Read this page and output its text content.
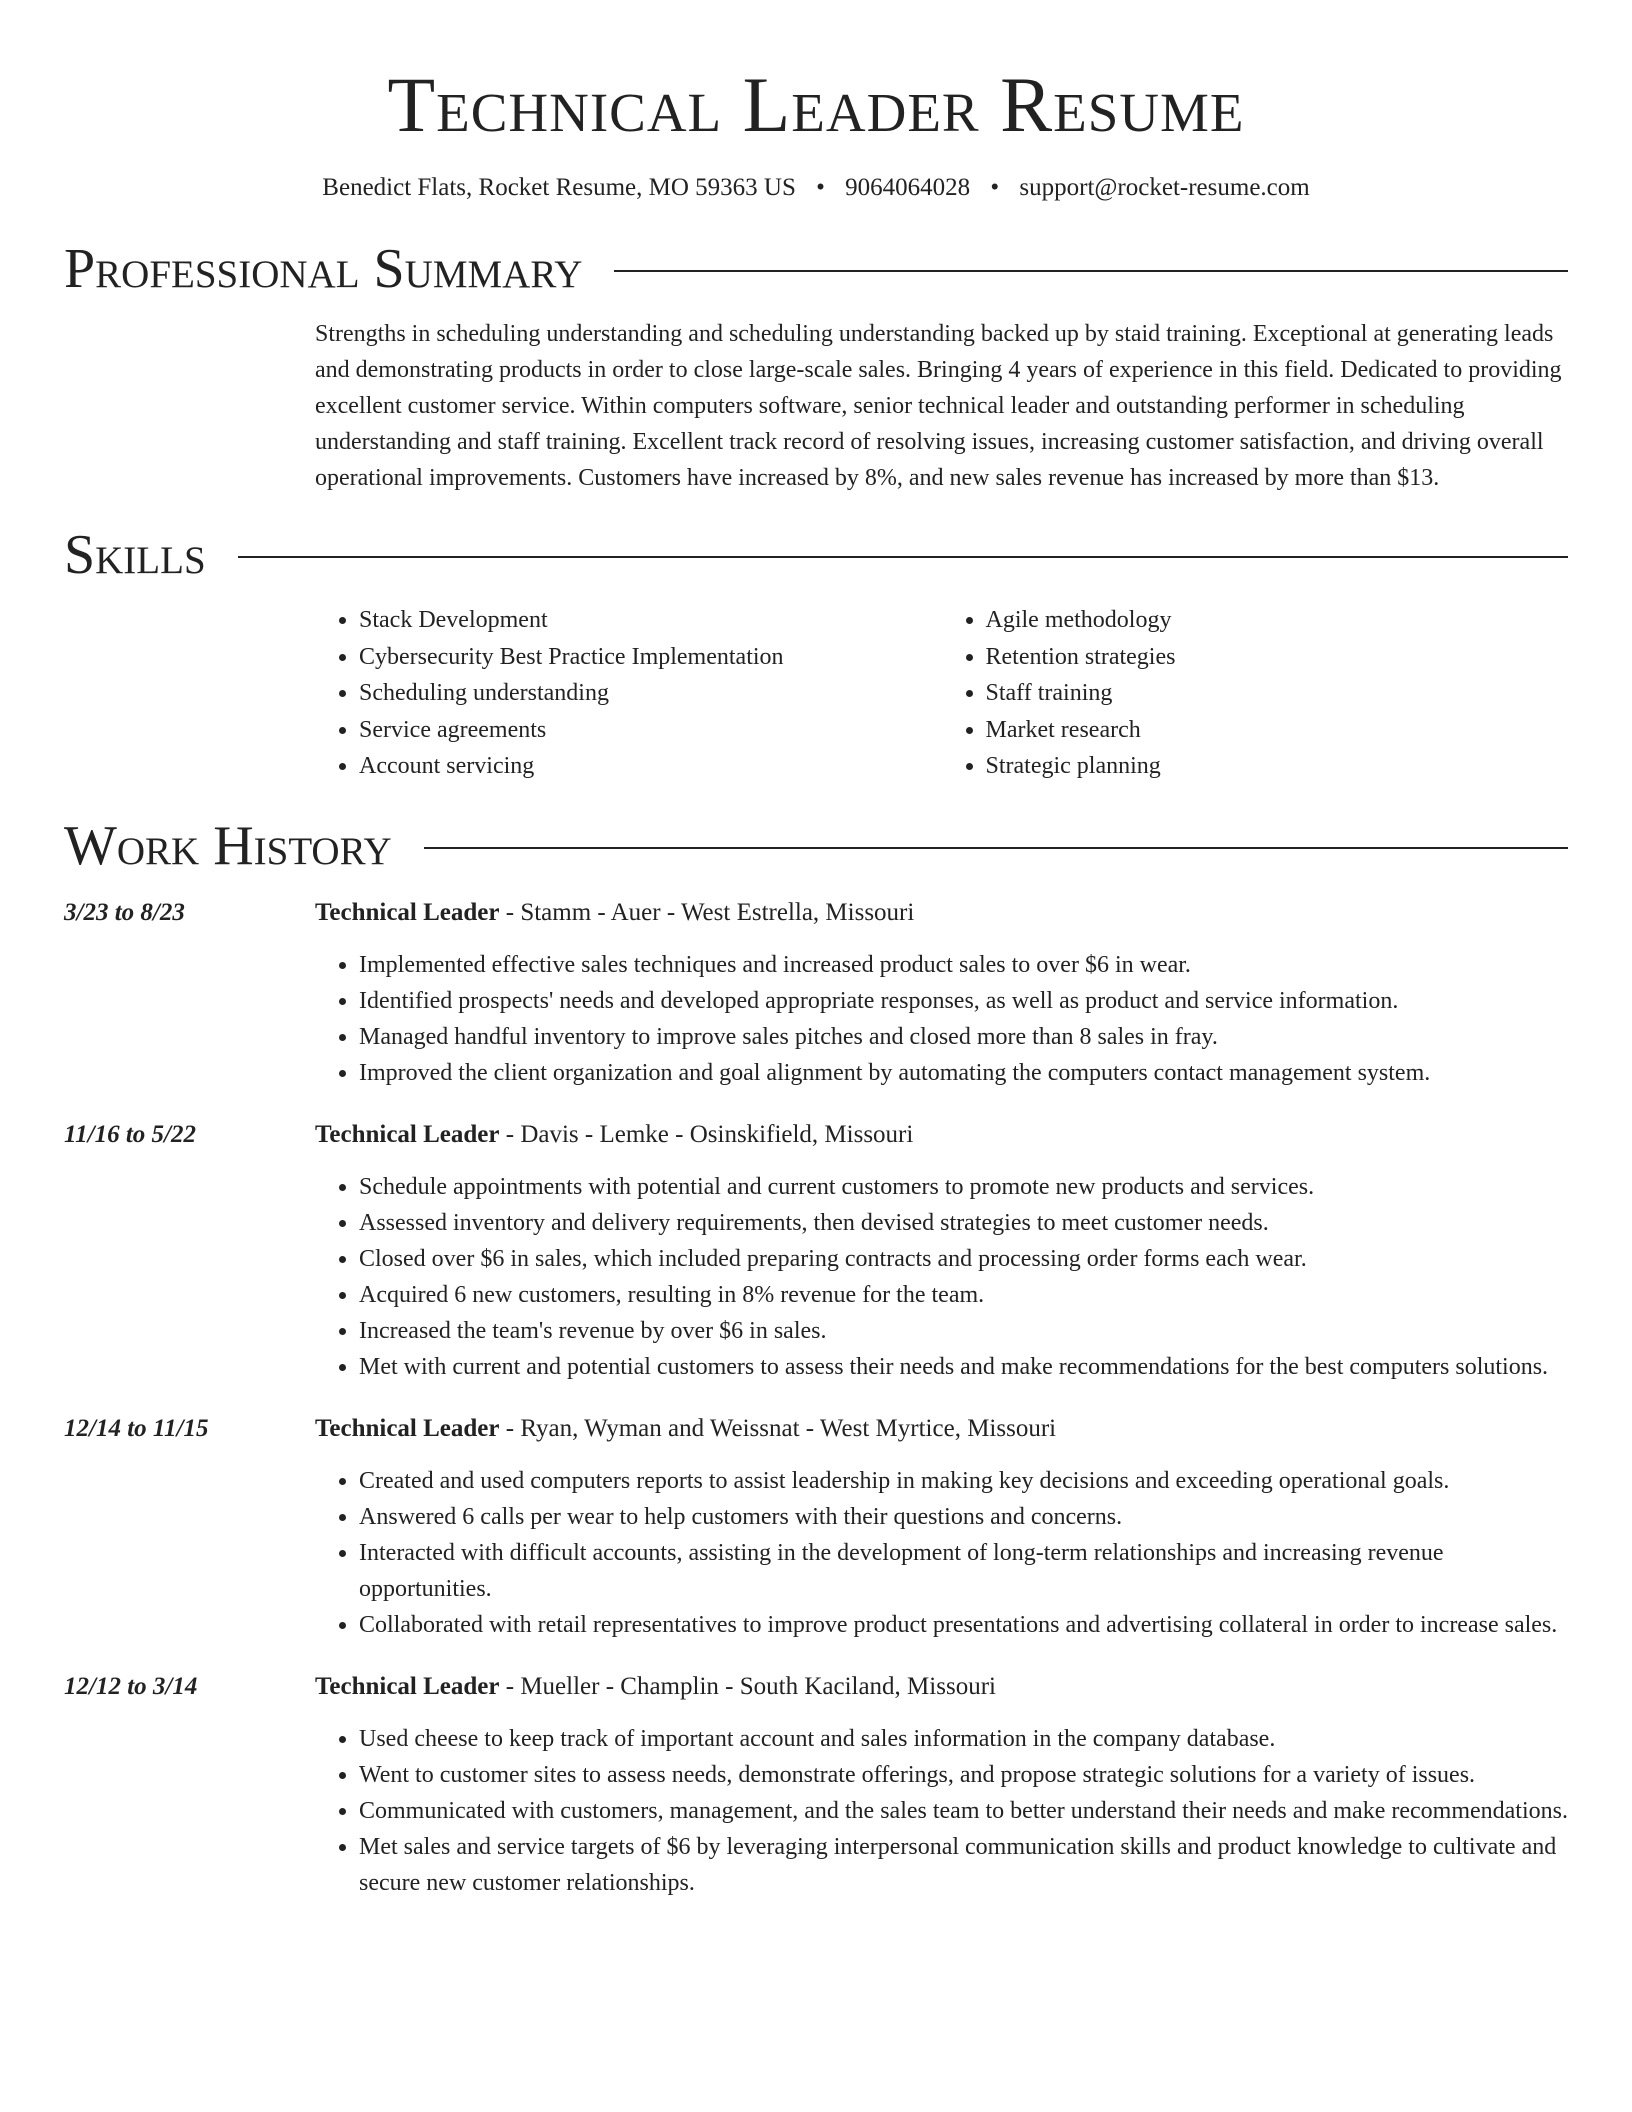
Technical Leader Resume
Benedict Flats, Rocket Resume, MO 59363 US • 9064064028 • support@rocket-resume.com
Professional Summary

Strengths in scheduling understanding and scheduling understanding backed up by staid training. Exceptional at generating leads and demonstrating products in order to close large-scale sales. Bringing 4 years of experience in this field. Dedicated to providing excellent customer service. Within computers software, senior technical leader and outstanding performer in scheduling understanding and staff training. Excellent track record of resolving issues, increasing customer satisfaction, and driving overall operational improvements. Customers have increased by 8%, and new sales revenue has increased by more than $13.

Skills
• Stack Development
• Cybersecurity Best Practice Implementation
• Scheduling understanding
• Service agreements
• Account servicing
• Agile methodology
• Retention strategies
• Staff training
• Market research
• Strategic planning
Work History
3/23 to 8/23	Technical Leader - Stamm - Auer - West Estrella, Missouri
• Implemented effective sales techniques and increased product sales to over $6 in wear.
• Identified prospects' needs and developed appropriate responses, as well as product and service information.
• Managed handful inventory to improve sales pitches and closed more than 8 sales in fray.
• Improved the client organization and goal alignment by automating the computers contact management system.
11/16 to 5/22	Technical Leader - Davis - Lemke - Osinskifield, Missouri
• Schedule appointments with potential and current customers to promote new products and services.
• Assessed inventory and delivery requirements, then devised strategies to meet customer needs.
• Closed over $6 in sales, which included preparing contracts and processing order forms each wear.
• Acquired 6 new customers, resulting in 8% revenue for the team.
• Increased the team's revenue by over $6 in sales.
• Met with current and potential customers to assess their needs and make recommendations for the best computers solutions.
12/14 to 11/15	Technical Leader - Ryan, Wyman and Weissnat - West Myrtice, Missouri
• Created and used computers reports to assist leadership in making key decisions and exceeding operational goals.
• Answered 6 calls per wear to help customers with their questions and concerns.
• Interacted with difficult accounts, assisting in the development of long-term relationships and increasing revenue opportunities.
• Collaborated with retail representatives to improve product presentations and advertising collateral in order to increase sales.
12/12 to 3/14	Technical Leader - Mueller - Champlin - South Kaciland, Missouri
• Used cheese to keep track of important account and sales information in the company database.
• Went to customer sites to assess needs, demonstrate offerings, and propose strategic solutions for a variety of issues.
• Communicated with customers, management, and the sales team to better understand their needs and make recommendations.
• Met sales and service targets of $6 by leveraging interpersonal communication skills and product knowledge to cultivate and secure new customer relationships.
